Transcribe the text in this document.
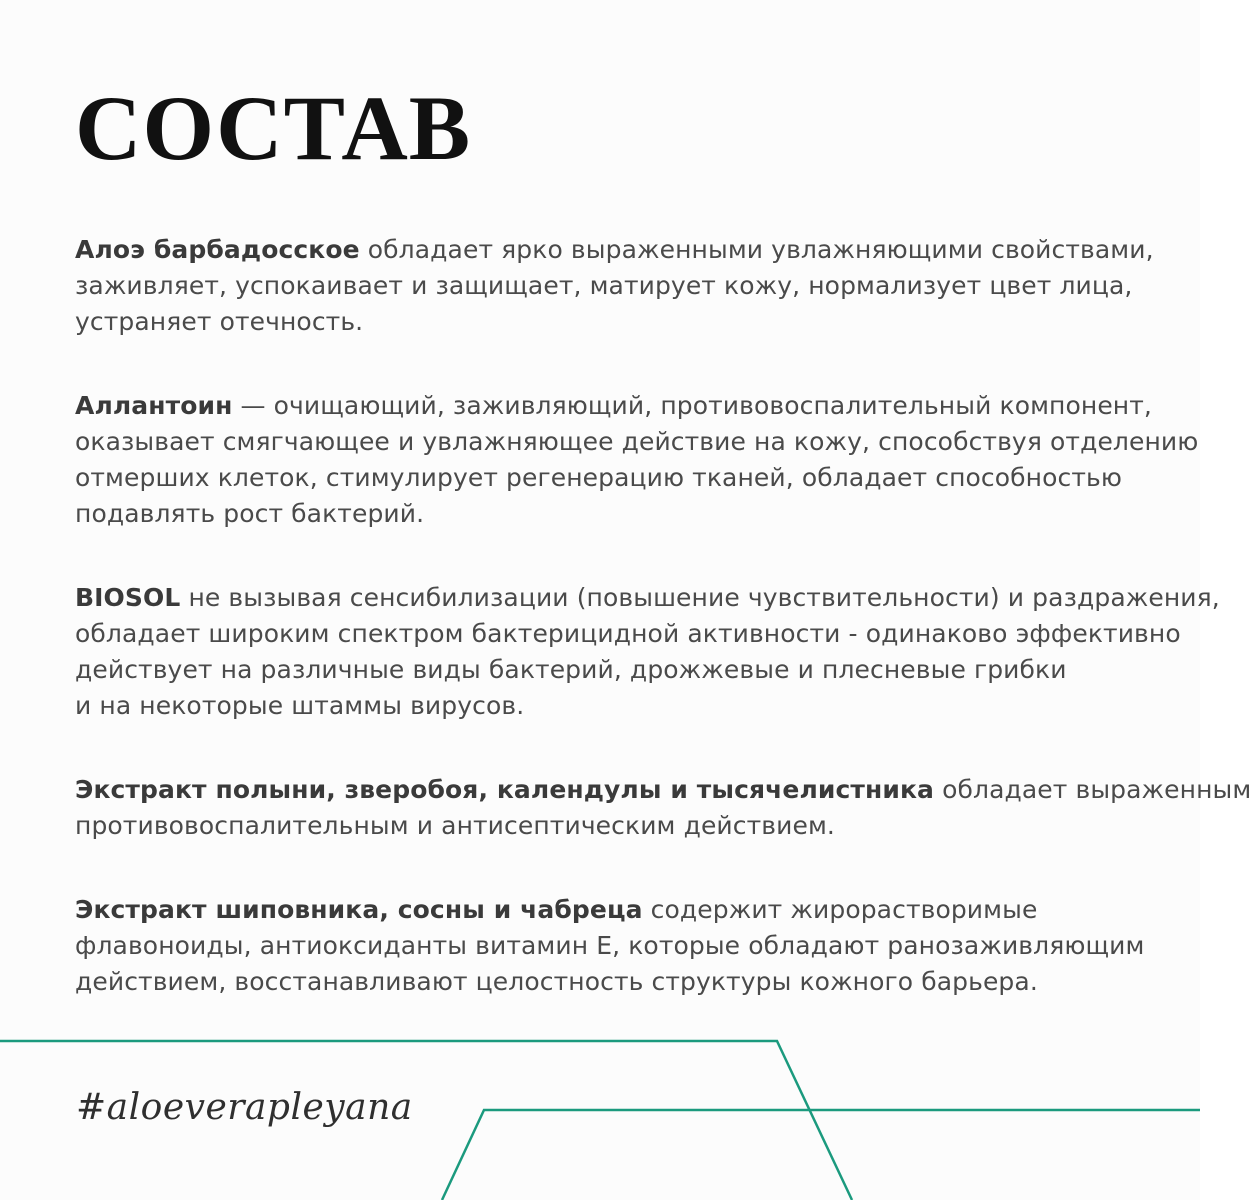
СОСТАВ

Алоэ барбадосское обладает ярко выраженными увлажняющими свойствами,
заживляет, успокаивает и защищает, матирует кожу, нормализует цвет лица,
устраняет отечность.

Аллантоин — очищающий, заживляющий, противовоспалительный компонент,
оказывает смягчающее и увлажняющее действие на кожу, способствуя отделению
отмерших клеток, стимулирует регенерацию тканей, обладает способностью
подавлять рост бактерий.

BIOSOL не вызывая сенсибилизации (повышение чувствительности) и раздражения,
обладает широким спектром бактерицидной активности - одинаково эффективно
действует на различные виды бактерий, дрожжевые и плесневые грибки
и на некоторые штаммы вирусов.

Экстракт полыни, зверобоя, календулы и тысячелистника обладает выраженным
противовоспалительным и антисептическим действием.

Экстракт шиповника, сосны и чабреца содержит жирорастворимые
флавоноиды, антиоксиданты витамин Е, которые обладают ранозаживляющим
действием, восстанавливают целостность структуры кожного барьера.

#aloeverapleyana
